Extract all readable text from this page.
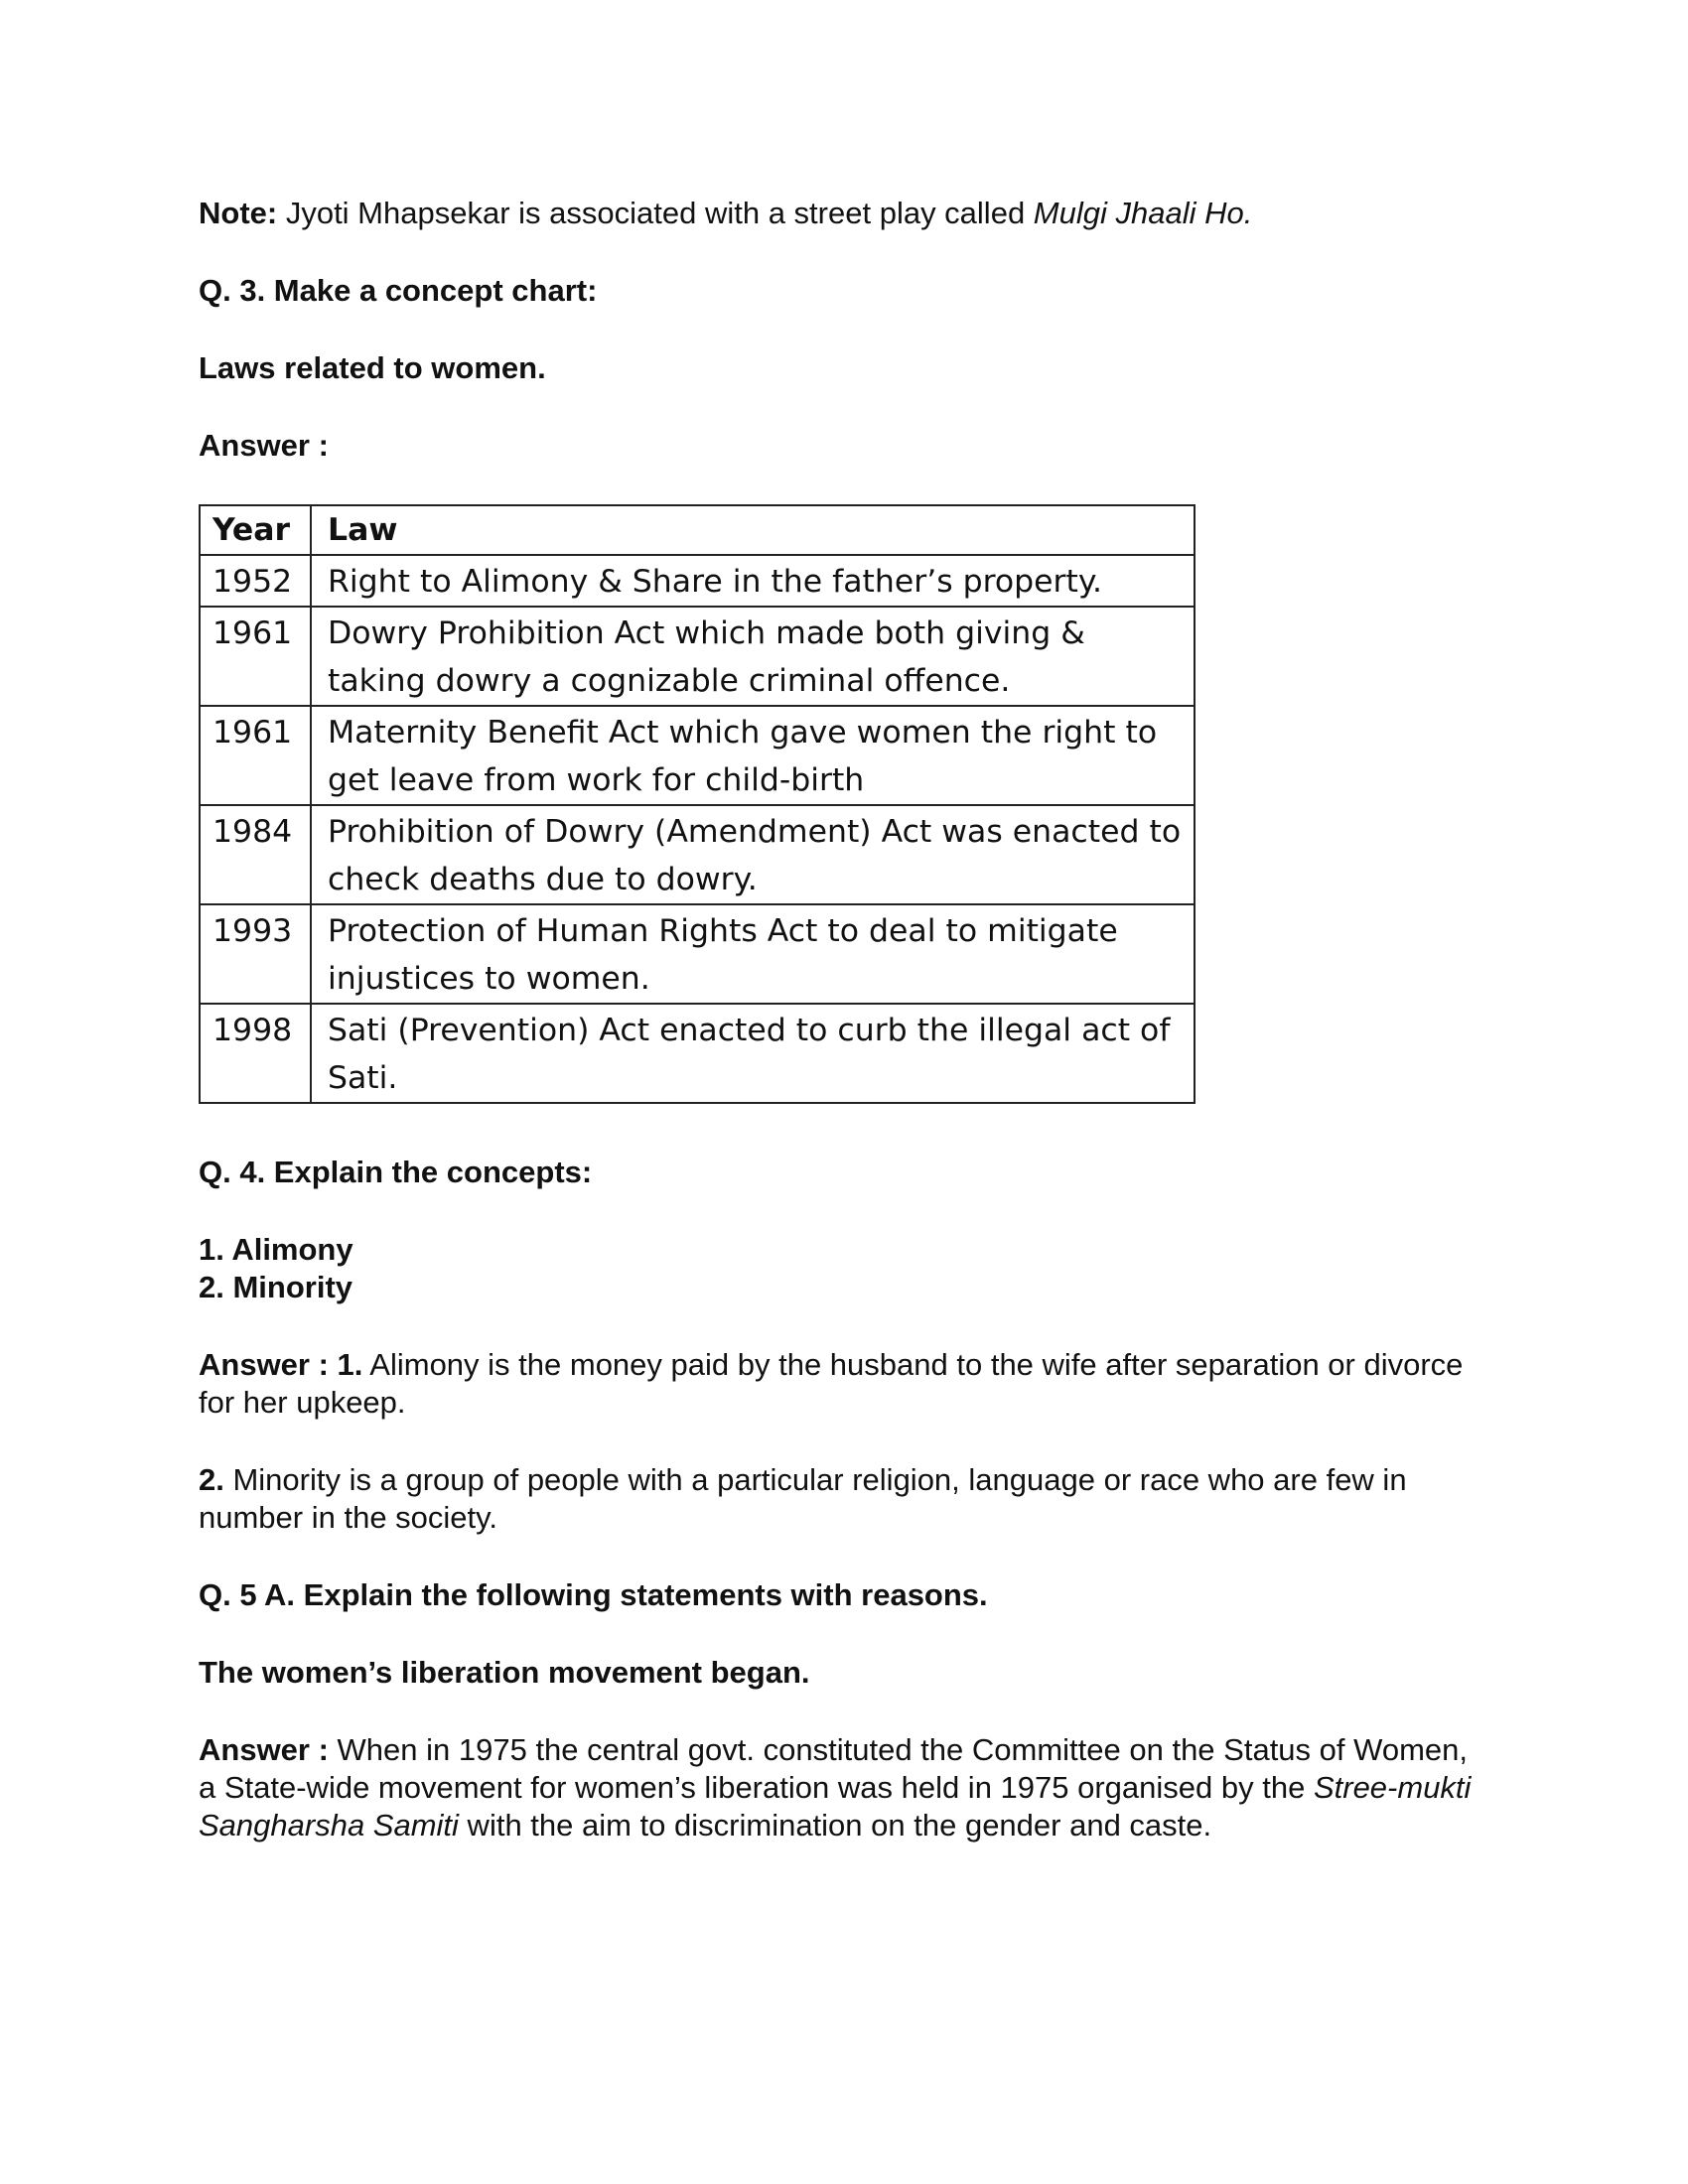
Note: Jyoti Mhapsekar is associated with a street play called Mulgi Jhaali Ho.

Q. 3. Make a concept chart:

Laws related to women.

Answer :

Year	Law
1952	Right to Alimony & Share in the father’s property.
1961	Dowry Prohibition Act which made both giving & taking dowry a cognizable criminal offence.
1961	Maternity Benefit Act which gave women the right to get leave from work for child-birth
1984	Prohibition of Dowry (Amendment) Act was enacted to check deaths due to dowry.
1993	Protection of Human Rights Act to deal to mitigate injustices to women.
1998	Sati (Prevention) Act enacted to curb the illegal act of Sati.

Q. 4. Explain the concepts:

1. Alimony

2. Minority

Answer : 1. Alimony is the money paid by the husband to the wife after separation or divorce for her upkeep.

2. Minority is a group of people with a particular religion, language or race who are few in number in the society.

Q. 5 A. Explain the following statements with reasons.

The women’s liberation movement began.

Answer : When in 1975 the central govt. constituted the Committee on the Status of Women, a State-wide movement for women’s liberation was held in 1975 organised by the Stree-mukti Sangharsha Samiti with the aim to discrimination on the gender and caste.
